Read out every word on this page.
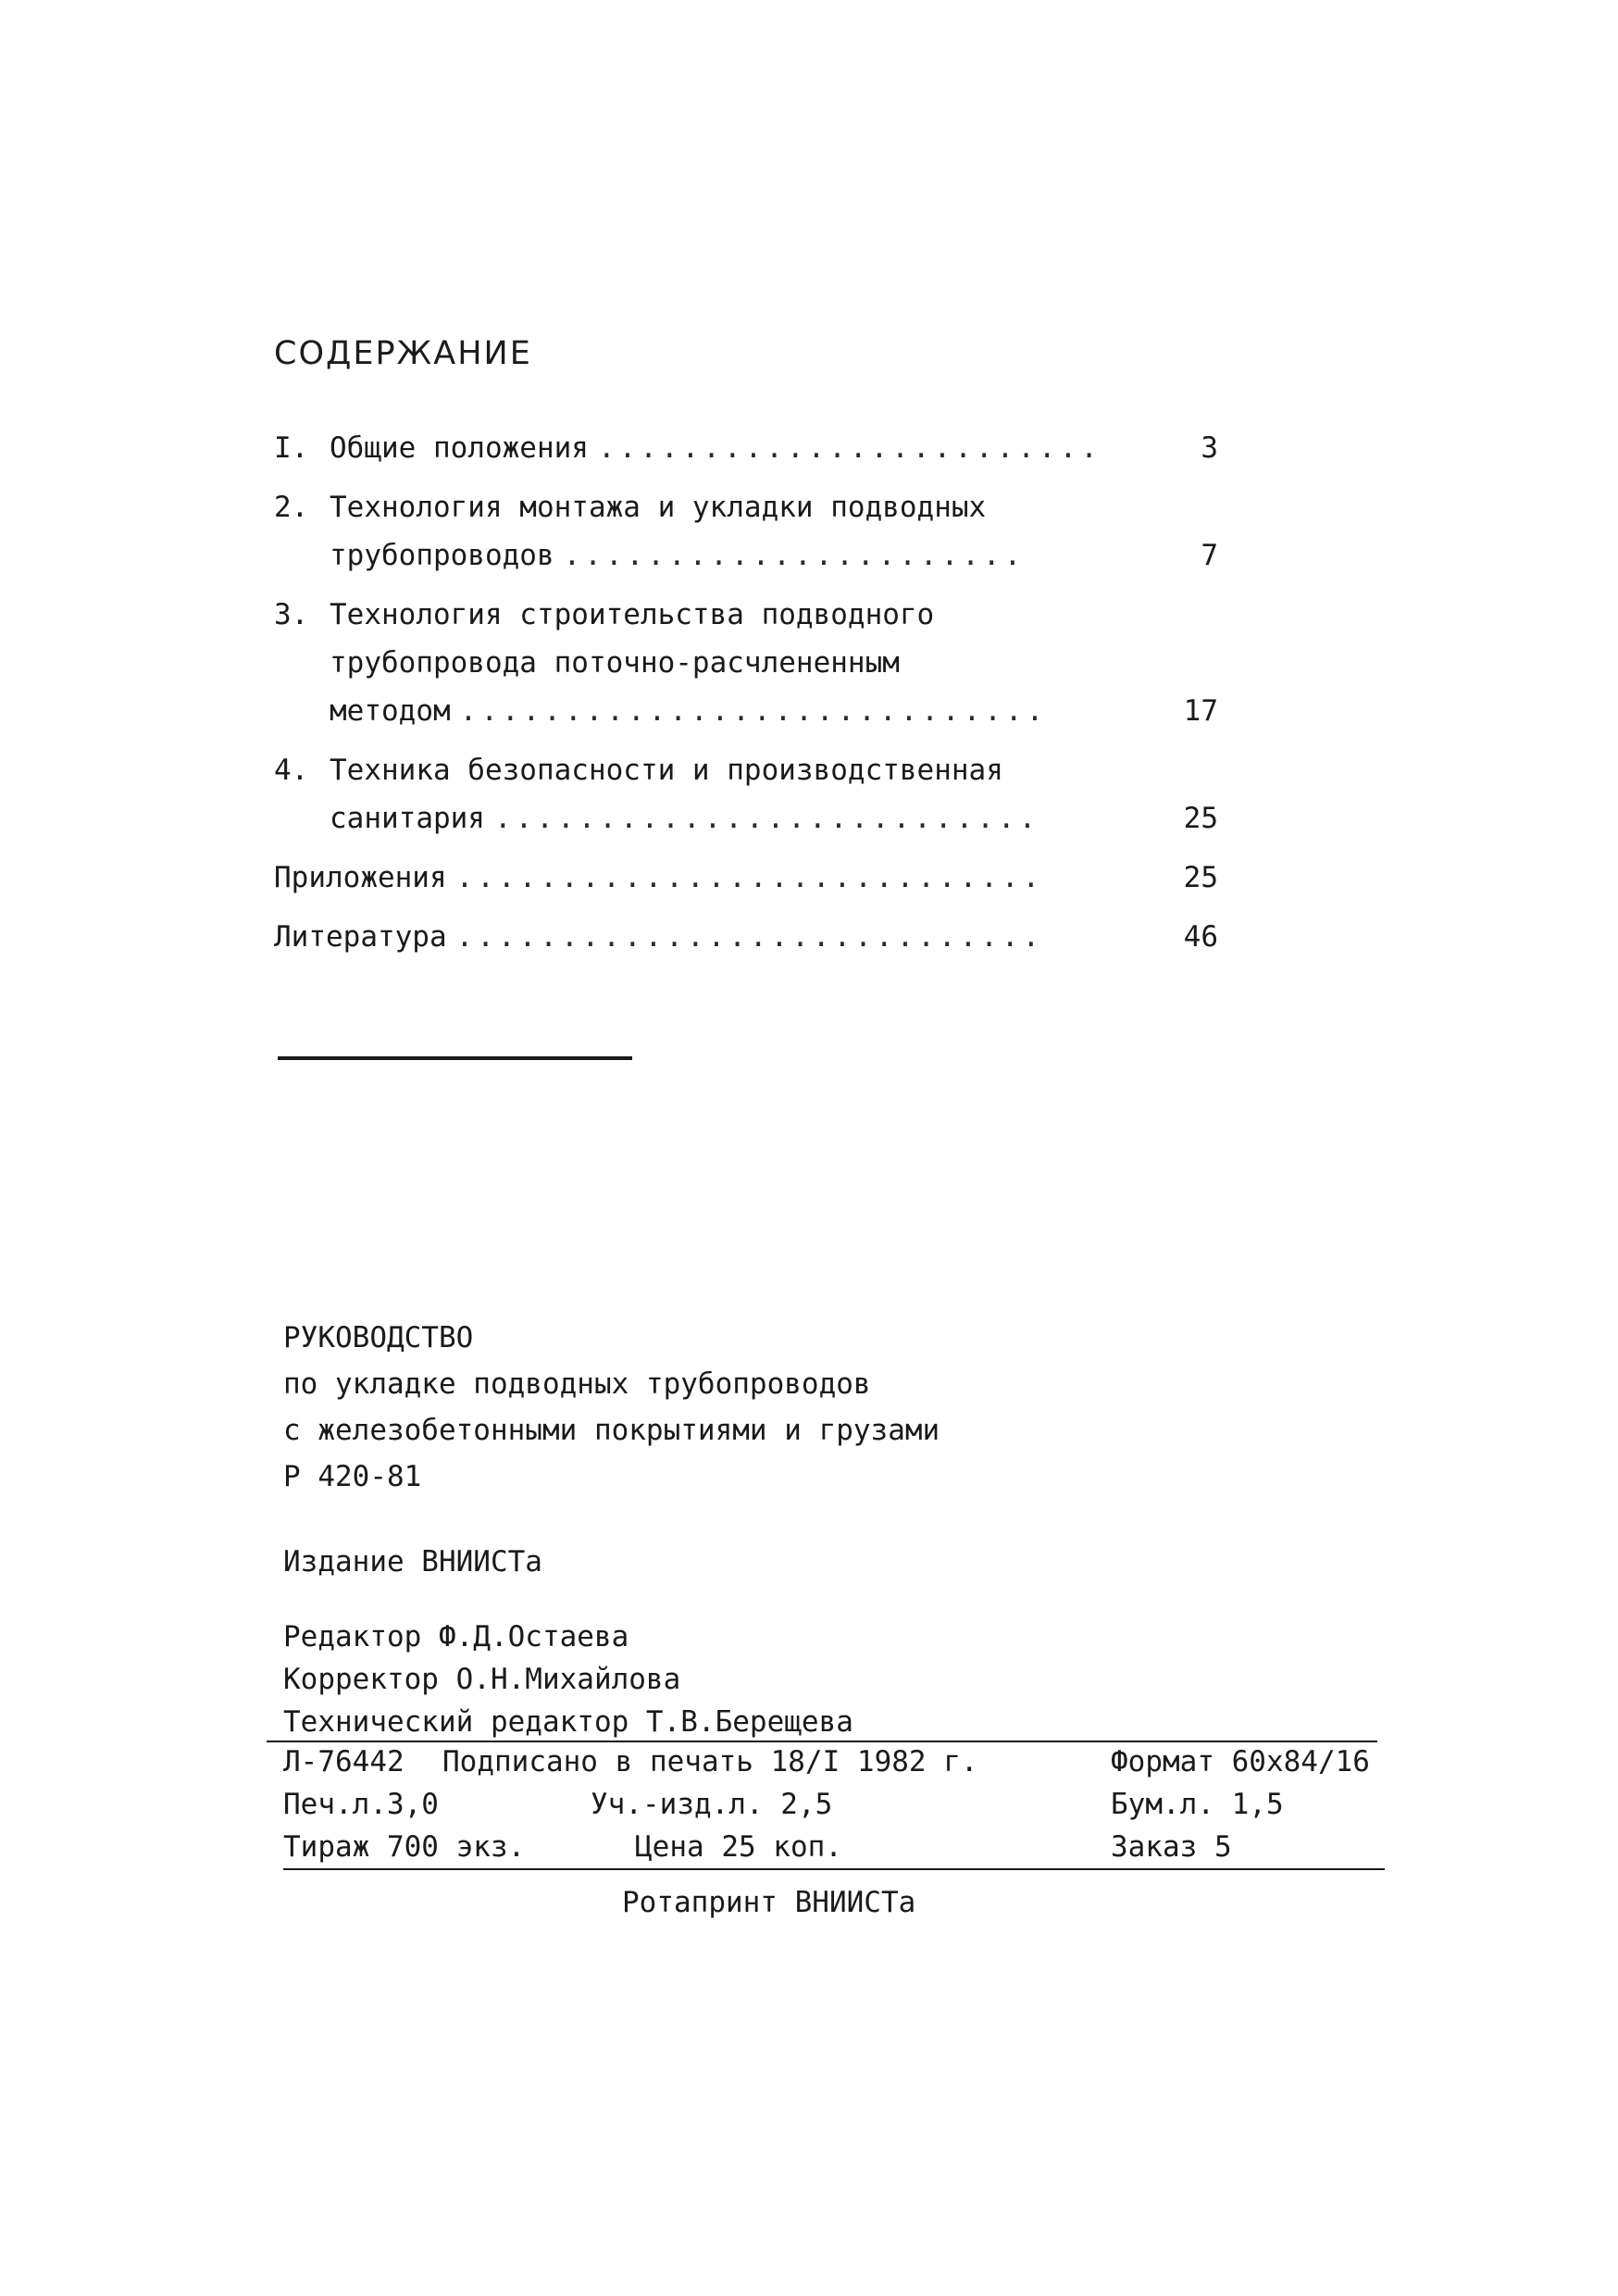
СОДЕРЖАНИЕ
I. Общие положения ........................	3
2. Технология монтажа и укладки подводных
трубопроводов ......................	7
3. Технология строительства подводного
трубопровода поточно-расчлененным
методом ............................	17
4. Техника безопасности и производственная
санитария ..........................	25
Приложения ............................	25
Литература ............................	46
РУКОВОДСТВО
по укладке подводных трубопроводов
с железобетонными покрытиями и грузами
Р 420-81
Издание ВНИИСТа
Редактор Ф.Д.Остаева
Корректор О.Н.Михайлова
Технический редактор Т.В.Берещева
Л-76442 Подписано в печать 18/I 1982 г.	Формат 60х84/16
Печ.л.3,0	Уч.-изд.л. 2,5	Бум.л. 1,5
Тираж 700 экз.	Цена 25 коп.	Заказ 5
Ротапринт ВНИИСТа
